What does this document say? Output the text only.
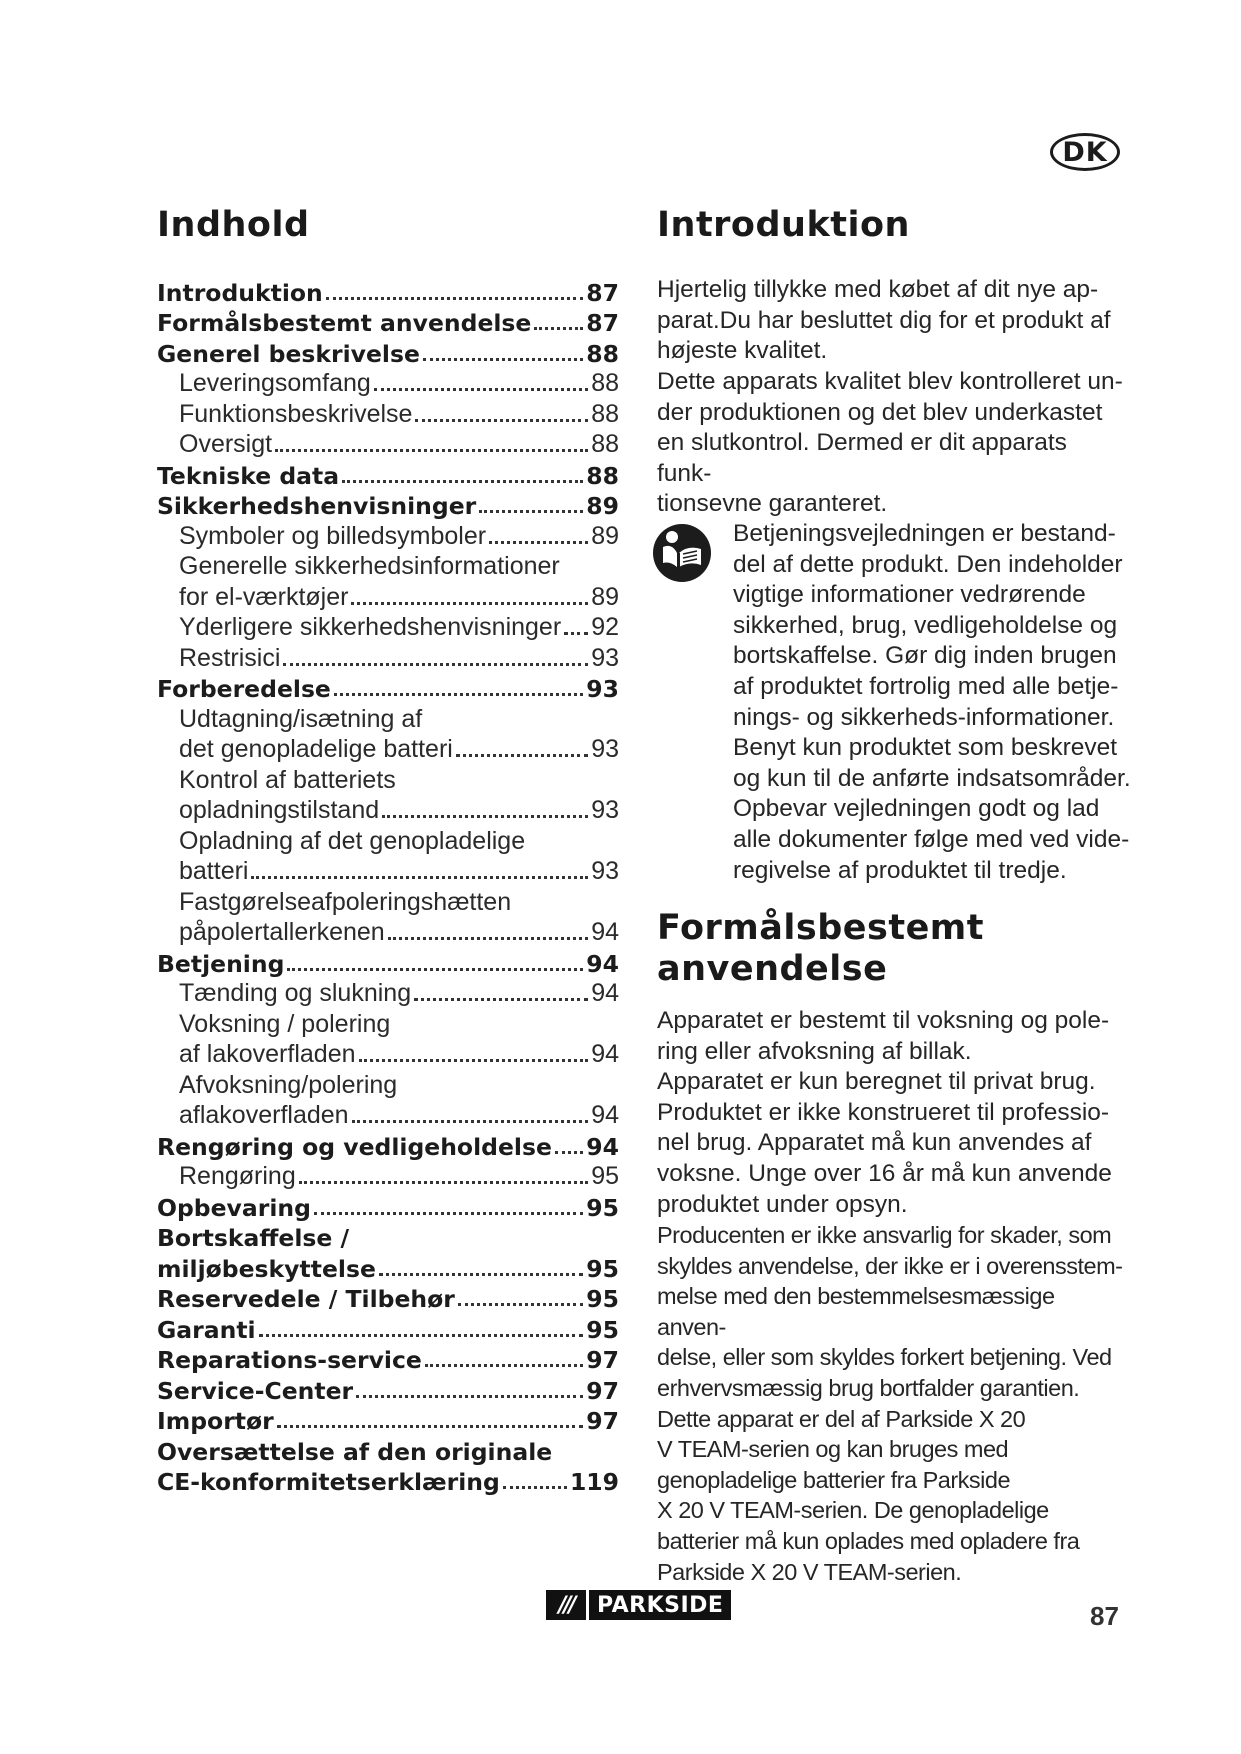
DK
Indhold
Introduktion	87
Formålsbestemt anvendelse 87
Generel beskrivelse	88
Leveringsomfang	88
Funktionsbeskrivelse	88
Oversigt	88
Tekniske data	88
Sikkerhedshenvisninger	89
Symboler og billedsymboler	89
Generelle sikkerhedsinformationer
for el-værktøjer	89
Yderligere sikkerhedshenvisninger 92
Restrisici	93
Forberedelse	93
Udtagning/isætning af
det genopladelige batteri	93
Kontrol af batteriets
opladningstilstand	93
Opladning af det genopladelige
batteri	93
Fastgørelseafpoleringshætten
påpolertallerkenen	94
Betjening	94
Tænding og slukning	94
Voksning / polering
af lakoverfladen	94
Afvoksning/polering
aflakoverfladen	94
Rengøring og vedligeholdelse 94
Rengøring	95
Opbevaring	95
Bortskaffelse /
miljøbeskyttelse	95
Reservedele / Tilbehør	95
Garanti	95
Reparations-service	97
Service-Center	97
Importør	97
Oversættelse af den originale
CE-konformitetserklæring	119
Introduktion

Hjertelig tillykke med købet af dit nye ap-
parat.Du har besluttet dig for et produkt af
højeste kvalitet.

Dette apparats kvalitet blev kontrolleret un-
der produktionen og det blev underkastet
en slutkontrol. Dermed er dit apparats funk-
tionsevne garanteret.

Betjeningsvejledningen er bestand-
del af dette produkt. Den indeholder
vigtige informationer vedrørende
sikkerhed, brug, vedligeholdelse og
bortskaffelse. Gør dig inden brugen
af produktet fortrolig med alle betje-
nings- og sikkerheds-informationer.
Benyt kun produktet som beskrevet
og kun til de anførte indsatsområder.
Opbevar vejledningen godt og lad
alle dokumenter følge med ved vide-
regivelse af produktet til tredje.

Formålsbestemt
anvendelse

Apparatet er bestemt til voksning og pole-
ring eller afvoksning af billak.
Apparatet er kun beregnet til privat brug.
Produktet er ikke konstrueret til professio-
nel brug. Apparatet må kun anvendes af
voksne. Unge over 16 år må kun anvende
produktet under opsyn.

Producenten er ikke ansvarlig for skader, som
skyldes anvendelse, der ikke er i overensstem-
melse med den bestemmelsesmæssige anven-
delse, eller som skyldes forkert betjening. Ved
erhvervsmæssig brug bortfalder garantien.
Dette apparat er del af Parkside X 20
V TEAM-serien og kan bruges med
genopladelige batterier fra Parkside
X 20 V TEAM-serien. De genopladelige
batterier må kun oplades med opladere fra
Parkside X 20 V TEAM-serien.

///	PARKSIDE	87
